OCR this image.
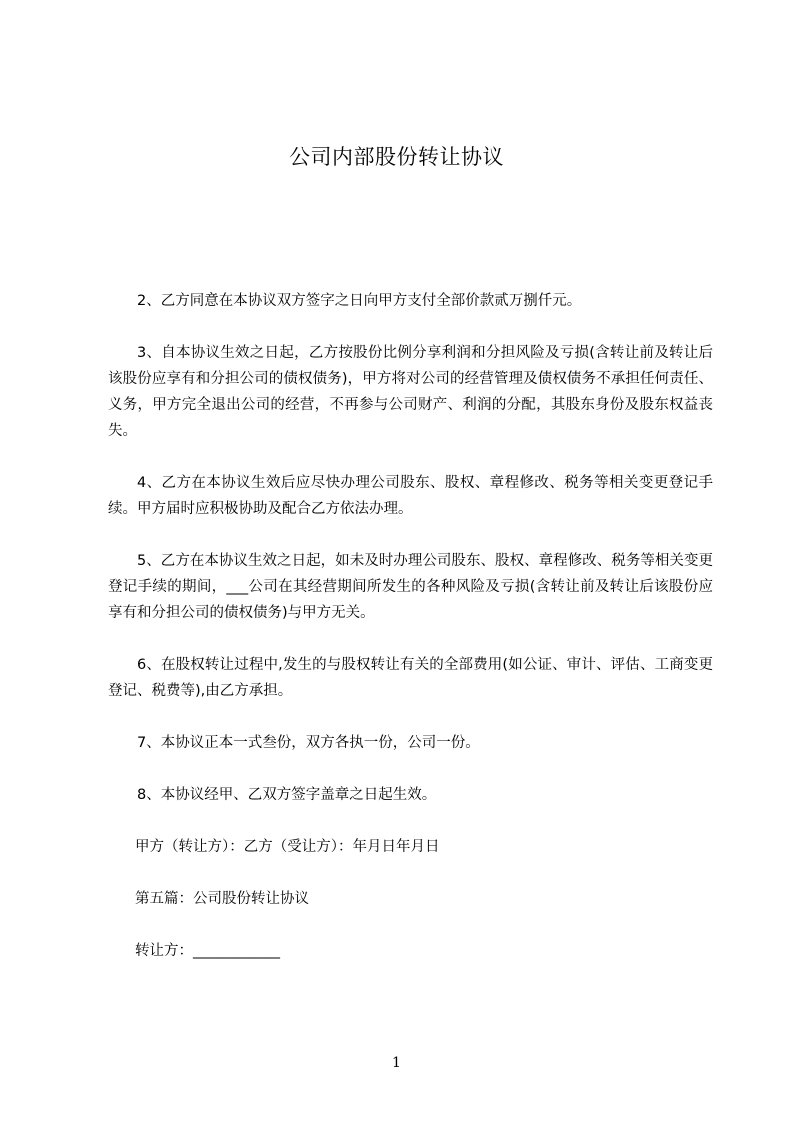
公司内部股份转让协议

2、乙方同意在本协议双方签字之日向甲方支付全部价款贰万捌仟元。

3、自本协议生效之日起，乙方按股份比例分享利润和分担风险及亏损(含转让前及转让后该股份应享有和分担公司的债权债务)，甲方将对公司的经营管理及债权债务不承担任何责任、义务，甲方完全退出公司的经营，不再参与公司财产、利润的分配，其股东身份及股东权益丧失。

4、乙方在本协议生效后应尽快办理公司股东、股权、章程修改、税务等相关变更登记手续。甲方届时应积极协助及配合乙方依法办理。

5、乙方在本协议生效之日起，如未及时办理公司股东、股权、章程修改、税务等相关变更登记手续的期间，___公司在其经营期间所发生的各种风险及亏损(含转让前及转让后该股份应享有和分担公司的债权债务)与甲方无关。

6、在股权转让过程中,发生的与股权转让有关的全部费用(如公证、审计、评估、工商变更登记、税费等),由乙方承担。

7、本协议正本一式叁份，双方各执一份，公司一份。

8、本协议经甲、乙双方签字盖章之日起生效。

甲方（转让方）：乙方（受让方）：年月日年月日

第五篇：公司股份转让协议

转让方：____________

1
